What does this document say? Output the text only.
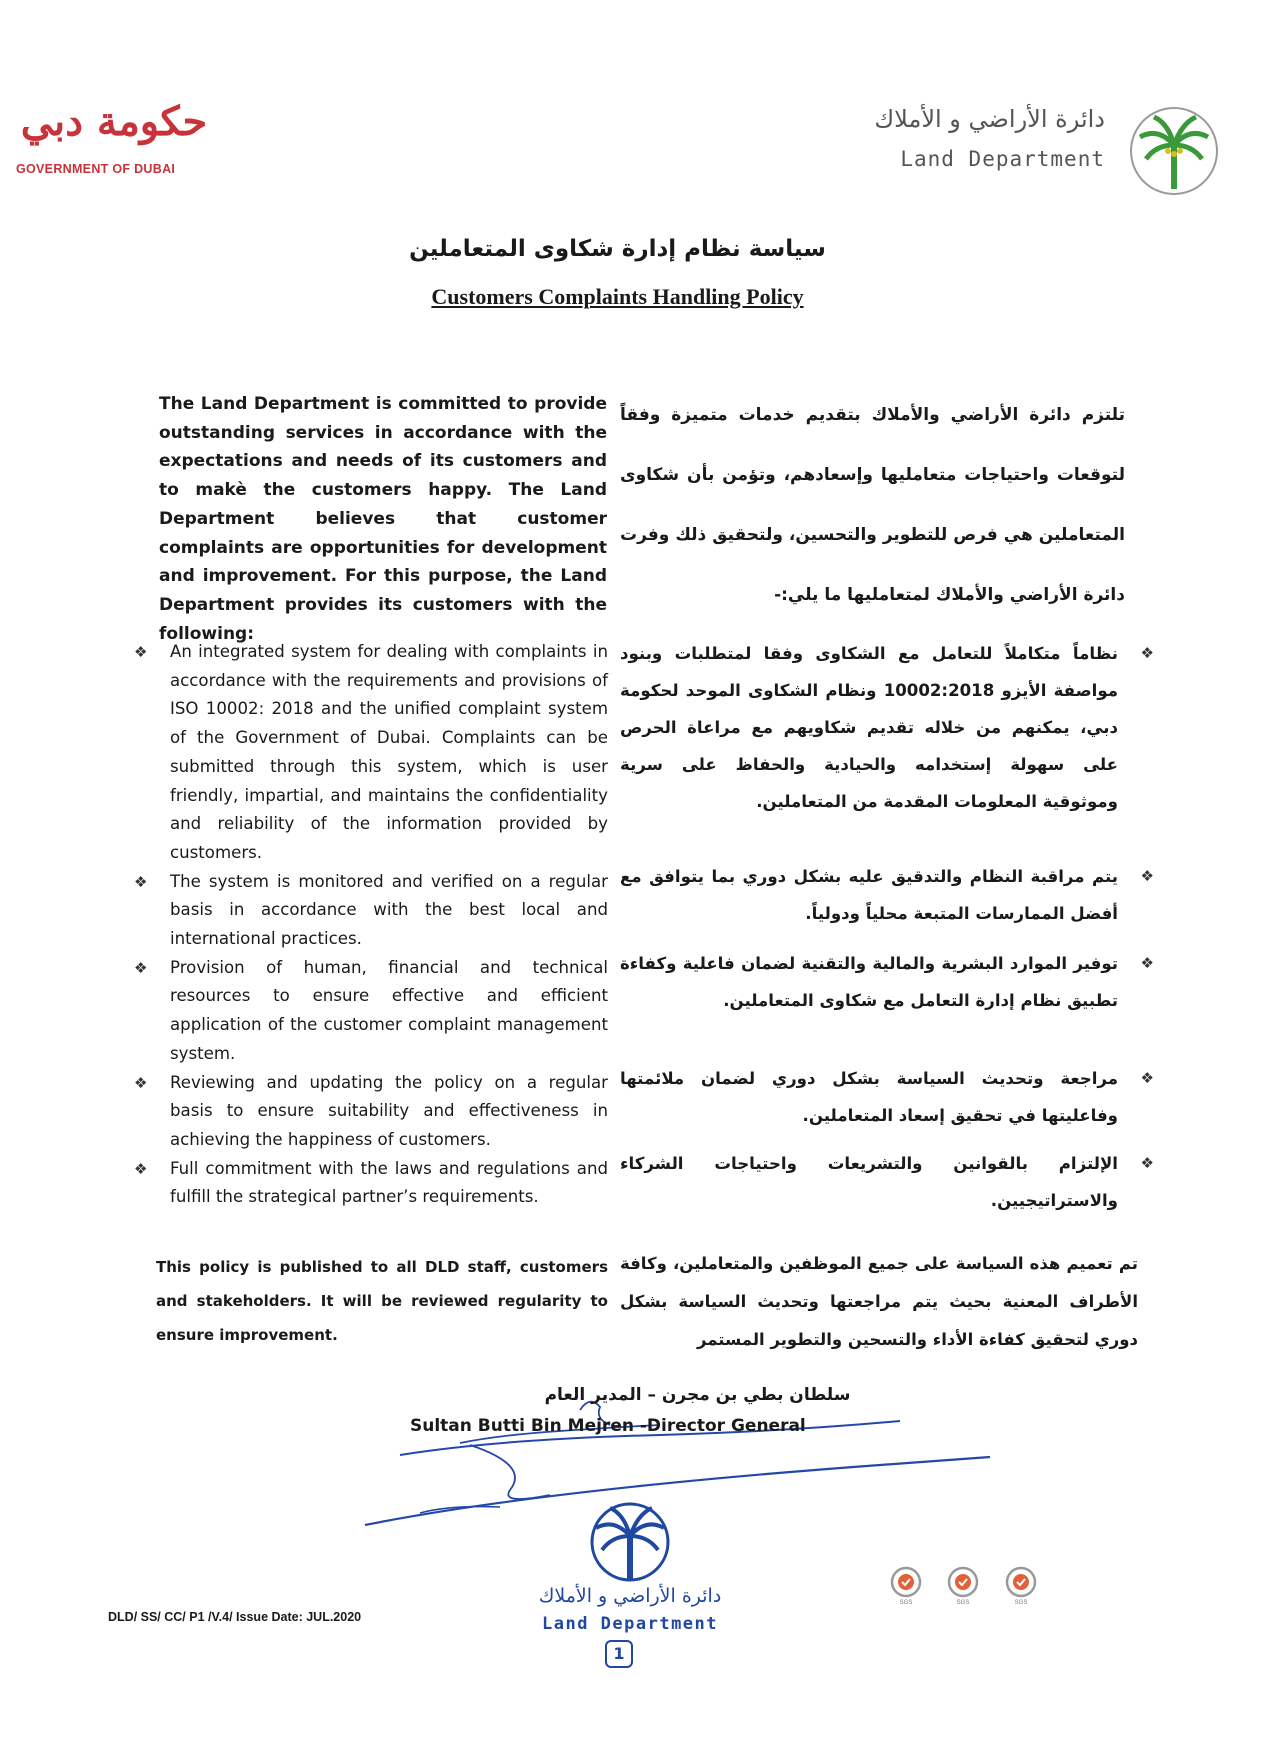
حكومة دبي
GOVERNMENT OF DUBAI
دائرة الأراضي و الأملاك
Land Department
سياسة نظام إدارة شكاوى المتعاملين
Customers Complaints Handling Policy
The Land Department is committed to provide outstanding services in accordance with the expectations and needs of its customers and to makè the customers happy. The Land Department believes that customer complaints are opportunities for development and improvement. For this purpose, the Land Department provides its customers with the following:
❖ An integrated system for dealing with complaints in accordance with the requirements and provisions of ISO 10002: 2018 and the unified complaint system of the Government of Dubai. Complaints can be submitted through this system, which is user friendly, impartial, and maintains the confidentiality and reliability of the information provided by customers.
❖ The system is monitored and verified on a regular basis in accordance with the best local and international practices.
❖ Provision of human, financial and technical resources to ensure effective and efficient application of the customer complaint management system.
❖ Reviewing and updating the policy on a regular basis to ensure suitability and effectiveness in achieving the happiness of customers.
❖ Full commitment with the laws and regulations and fulfill the strategical partner’s requirements.
This policy is published to all DLD staff, customers and stakeholders. It will be reviewed regularity to ensure improvement.
تلتزم دائرة الأراضي والأملاك بتقديم خدمات متميزة وفقاً لتوقعات واحتياجات متعامليها وإسعادهم، وتؤمن بأن شكاوى المتعاملين هي فرص للتطوير والتحسين، ولتحقيق ذلك وفرت دائرة الأراضي والأملاك لمتعامليها ما يلي:-
❖
نظاماً متكاملاً للتعامل مع الشكاوى وفقا لمتطلبات وبنود مواصفة الأيزو 10002:2018 ونظام الشكاوى الموحد لحكومة دبي، يمكنهم من خلاله تقديم شكاويهم مع مراعاة الحرص على سهولة إستخدامه والحيادية والحفاظ على سرية وموثوقية المعلومات المقدمة من المتعاملين.
❖
يتم مراقبة النظام والتدقيق عليه بشكل دوري بما يتوافق مع أفضل الممارسات المتبعة محلياً ودولياً.
❖
توفير الموارد البشرية والمالية والتقنية لضمان فاعلية وكفاءة تطبيق نظام إدارة التعامل مع شكاوى المتعاملين.
❖
مراجعة وتحديث السياسة بشكل دوري لضمان ملائمتها وفاعليتها في تحقيق إسعاد المتعاملين.
❖
الإلتزام بالقوانين والتشريعات واحتياجات الشركاء والاستراتيجيين.
تم تعميم هذه السياسة على جميع الموظفين والمتعاملين، وكافة الأطراف المعنية بحيث يتم مراجعتها وتحديث السياسة بشكل دوري لتحقيق كفاءة الأداء والتسحين والتطوير المستمر
سلطان بطي بن مجرن – المدير العام
Sultan Butti Bin Mejren -Director General
DLD/ SS/ CC/ P1 /V.4/ Issue Date: JUL.2020
دائرة الأراضي و الأملاك
Land Department
1
SGS	SGS	SGS
